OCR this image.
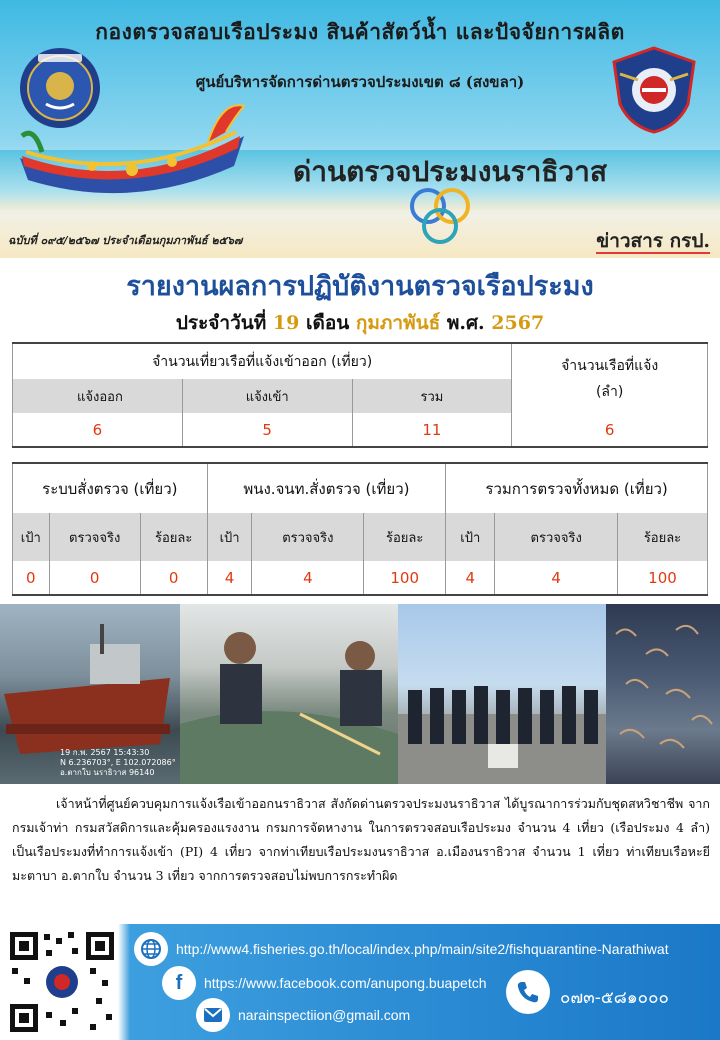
กองตรวจสอบเรือประมง สินค้าสัตว์น้ำ และปัจจัยการผลิต
ศูนย์บริหารจัดการด่านตรวจประมงเขต ๘ (สงขลา)
ด่านตรวจประมงนราธิวาส
ฉบับที่ ๐๙๕/๒๕๖๗ ประจำเดือนกุมภาพันธ์ ๒๕๖๗	ข่าวสาร กรป.
รายงานผลการปฏิบัติงานตรวจเรือประมง
ประจำวันที่ 19 เดือน กุมภาพันธ์ พ.ศ. 2567
จำนวนเที่ยวเรือที่แจ้งเข้าออก (เที่ยว)			จำนวนเรือที่แจ้ง
(ลำ)

แจ้งออก	แจ้งเข้า	รวม	
6	5	11	6
ระบบสั่งตรวจ (เที่ยว)			พนง.จนท.สั่งตรวจ (เที่ยว)			รวมการตรวจทั้งหมด (เที่ยว)		
เป้า	ตรวจจริง	ร้อยละ	เป้า	ตรวจจริง	ร้อยละ	เป้า	ตรวจจริง	ร้อยละ
0	0	0	4	4	100	4	4	100
19 ก.พ. 2567 15:43:30
N 6.236703°, E 102.072086°
อ.ตากใบ นราธิวาส 96140
เจ้าหน้าที่ศูนย์ควบคุมการแจ้งเรือเข้าออกนราธิวาส สังกัดด่านตรวจประมงนราธิวาส ได้บูรณาการร่วมกับชุดสหวิชาชีพ จากกรมเจ้าท่า กรมสวัสดิการและคุ้มครองแรงงาน กรมการจัดหางาน ในการตรวจสอบเรือประมง จำนวน 4 เที่ยว (เรือประมง 4 ลำ) เป็นเรือประมงที่ทำการแจ้งเข้า (PI) 4 เที่ยว จากท่าเทียบเรือประมงนราธิวาส อ.เมืองนราธิวาส จำนวน 1 เที่ยว ท่าเทียบเรือหะยีมะตาบา อ.ตากใบ จำนวน 3 เที่ยว จากการตรวจสอบไม่พบการกระทำผิด
http://www4.fisheries.go.th/local/index.php/main/site2/fishquarantine-Narathiwat
f	https://www.facebook.com/anupong.buapetch
narainspectiion@gmail.com
๐๗๓-๕๘๑๐๐๐
